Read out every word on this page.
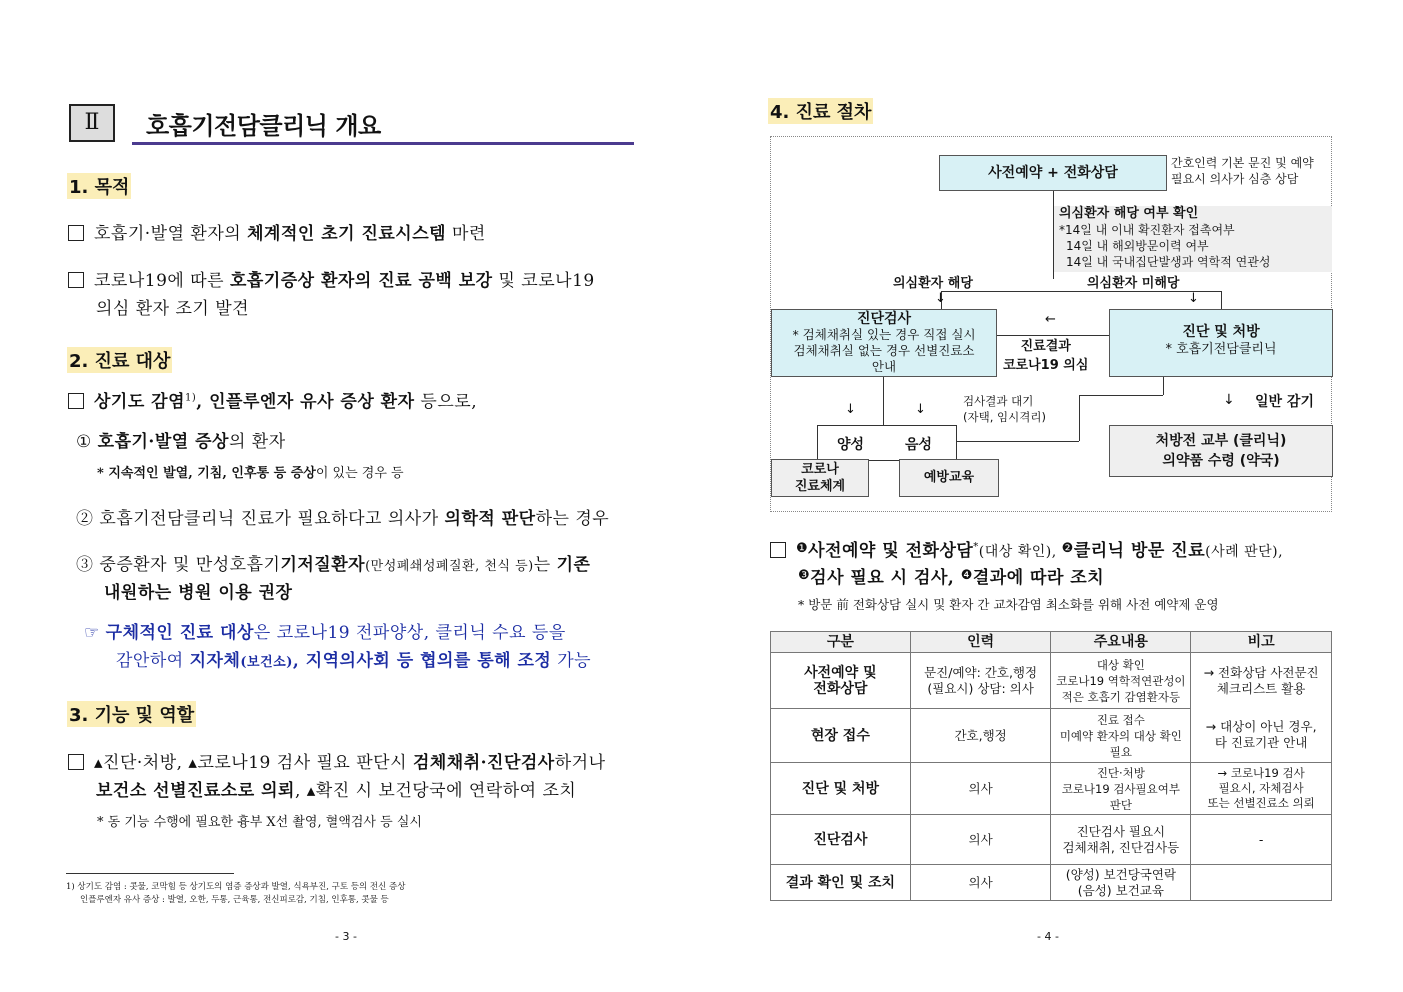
Ⅱ	호흡기전담클리닉 개요
1. 목적
호흡기·발열 환자의 체계적인 초기 진료시스템 마련
코로나19에 따른 호흡기증상 환자의 진료 공백 보강 및 코로나19
의심 환자 조기 발견
2. 진료 대상
상기도 감염$^{1)}$, 인플루엔자 유사 증상 환자 등으로,
① 호흡기·발열 증상의 환자
* 지속적인 발열, 기침, 인후통 등 증상이 있는 경우 등
② 호흡기전담클리닉 진료가 필요하다고 의사가 의학적 판단하는 경우
③ 중증환자 및 만성호흡기기저질환자(만성폐쇄성폐질환, 천식 등)는 기존
내원하는 병원 이용 권장
☞ 구체적인 진료 대상은 코로나19 전파양상, 클리닉 수요 등을
감안하여 지자체(보건소), 지역의사회 등 협의를 통해 조정 가능
3. 기능 및 역할
▴진단·처방, ▴코로나19 검사 필요 판단시 검체채취·진단검사하거나
보건소 선별진료소로 의뢰, ▴확진 시 보건당국에 연락하여 조치
* 동 기능 수행에 필요한 흉부 X선 촬영, 혈액검사 등 실시
1) 상기도 감염 : 콧물, 코막힘 등 상기도의 염증 증상과 발열, 식욕부진, 구토 등의 전신 증상
인플루엔자 유사 증상 : 발열, 오한, 두통, 근육통, 전신피로감, 기침, 인후통, 콧물 등
- 3 -
4. 진료 절차
사전예약 + 전화상담
간호인력 기본 문진 및 예약
필요시 의사가 심층 상담
의심환자 해당 여부 확인
*14일 내 이내 확진환자 접촉여부
14일 내 해외방문이력 여부
14일 내 국내집단발생과 역학적 연관성
의심환자 해당	의심환자 미해당
↓	↓
진단검사
* 검체채취실 있는 경우 직접 실시
검체채취실 없는 경우 선별진료소
안내
←
진료결과
코로나19 의심
진단 및 처방
* 호흡기전담클리닉
↓	↓
검사결과 대기
(자택, 임시격리)
↓ 일반 감기
양성	음성
코로나
진료체계
예방교육
처방전 교부 (클리닉)
의약품 수령 (약국)
$^❶$사전예약 및 전화상담*(대상 확인), $^❷$클리닉 방문 진료(사례 판단),
$^❸$검사 필요 시 검사, $^❹$결과에 따라 조치
* 방문 前 전화상담 실시 및 환자 간 교차감염 최소화를 위해 사전 예약제 운영
구분	인력	주요내용	비고
사전예약 및
전화상담	문진/예약: 간호,행정
(필요시) 상담: 의사	대상 확인
코로나19 역학적연관성이
적은 호흡기 감염환자등	→ 전화상담 사전문진
체크리스트 활용
현장 접수	간호,행정	진료 접수
미예약 환자의 대상 확인
필요	→ 대상이 아닌 경우,
타 진료기관 안내
진단 및 처방	의사	진단·처방
코로나19 검사필요여부 판단	→ 코로나19 검사
필요시, 자체검사
또는 선별진료소 의뢰
진단검사	의사	진단검사 필요시
검체채취, 진단검사등	-
결과 확인 및 조치	의사	(양성) 보건당국연락
(음성) 보건교육	
- 4 -
